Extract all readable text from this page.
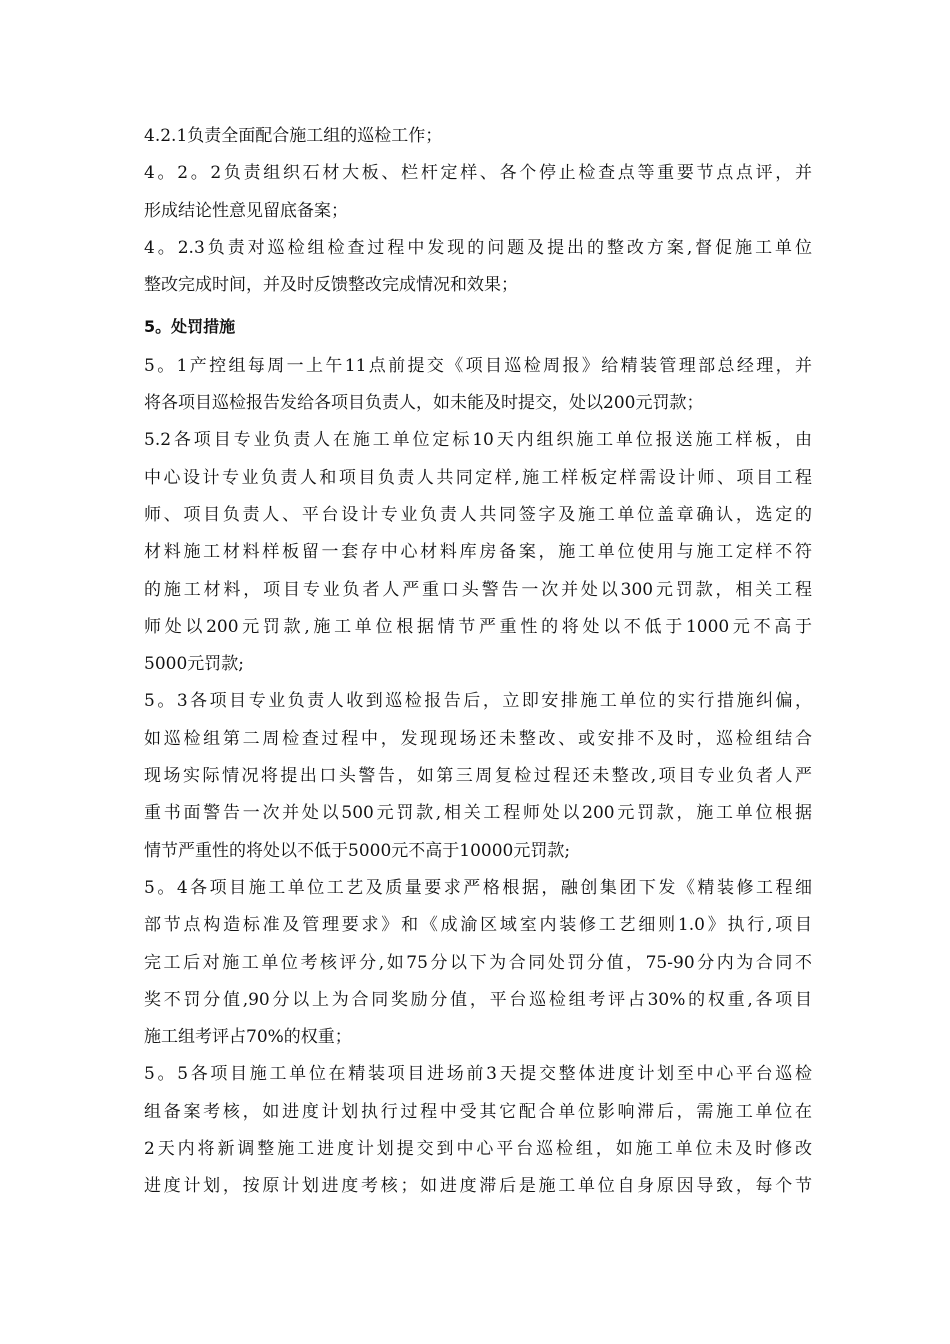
4.2.1负责全面配合施工组的巡检工作；
4。2。2负责组织石材大板、栏杆定样、各个停止检查点等重要节点点评，并
形成结论性意见留底备案；
4。2.3负责对巡检组检查过程中发现的问题及提出的整改方案,督促施工单位
整改完成时间，并及时反馈整改完成情况和效果；
5。处罚措施
5。1产控组每周一上午11点前提交《项目巡检周报》给精装管理部总经理，并
将各项目巡检报告发给各项目负责人，如未能及时提交，处以200元罚款；
5.2各项目专业负责人在施工单位定标10天内组织施工单位报送施工样板，由
中心设计专业负责人和项目负责人共同定样,施工样板定样需设计师、项目工程
师、项目负责人、平台设计专业负责人共同签字及施工单位盖章确认，选定的
材料施工材料样板留一套存中心材料库房备案，施工单位使用与施工定样不符
的施工材料，项目专业负者人严重口头警告一次并处以300元罚款，相关工程
师处以200元罚款,施工单位根据情节严重性的将处以不低于1000元不高于
5000元罚款;
5。3各项目专业负责人收到巡检报告后，立即安排施工单位的实行措施纠偏，
如巡检组第二周检查过程中，发现现场还未整改、或安排不及时，巡检组结合
现场实际情况将提出口头警告，如第三周复检过程还未整改,项目专业负者人严
重书面警告一次并处以500元罚款,相关工程师处以200元罚款，施工单位根据
情节严重性的将处以不低于5000元不高于10000元罚款;
5。4各项目施工单位工艺及质量要求严格根据，融创集团下发《精装修工程细
部节点构造标准及管理要求》和《成渝区域室内装修工艺细则1.0》执行,项目
完工后对施工单位考核评分,如75分以下为合同处罚分值，75-90分内为合同不
奖不罚分值,90分以上为合同奖励分值，平台巡检组考评占30%的权重,各项目
施工组考评占70%的权重；
5。5各项目施工单位在精装项目进场前3天提交整体进度计划至中心平台巡检
组备案考核，如进度计划执行过程中受其它配合单位影响滞后，需施工单位在
2天内将新调整施工进度计划提交到中心平台巡检组，如施工单位未及时修改
进度计划，按原计划进度考核；如进度滞后是施工单位自身原因导致，每个节
